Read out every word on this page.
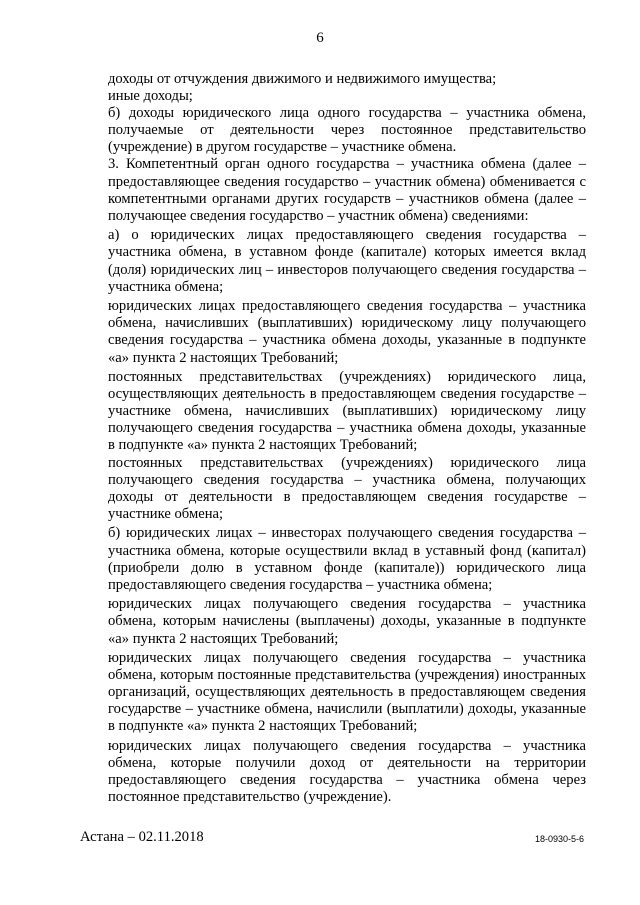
6

доходы от отчуждения движимого и недвижимого имущества;

иные доходы;

б) доходы юридического лица одного государства – участника обмена, получаемые от деятельности через постоянное представительство (учреждение) в другом государстве – участнике обмена.

3. Компетентный орган одного государства – участника обмена (далее – предоставляющее сведения государство – участник обмена) обменивается с компетентными органами других государств – участников обмена (далее – получающее сведения государство – участник обмена) сведениями:

а) о юридических лицах предоставляющего сведения государства – участника обмена, в уставном фонде (капитале) которых имеется вклад (доля) юридических лиц – инвесторов получающего сведения государства – участника обмена;

юридических лицах предоставляющего сведения государства – участника обмена, начисливших (выплативших) юридическому лицу получающего сведения государства – участника обмена доходы, указанные в подпункте «а» пункта 2 настоящих Требований;

постоянных представительствах (учреждениях) юридического лица, осуществляющих деятельность в предоставляющем сведения государстве – участнике обмена, начисливших (выплативших) юридическому лицу получающего сведения государства – участника обмена доходы, указанные в подпункте «а» пункта 2 настоящих Требований;

постоянных представительствах (учреждениях) юридического лица получающего сведения государства – участника обмена, получающих доходы от деятельности в предоставляющем сведения государстве – участнике обмена;

б) юридических лицах – инвесторах получающего сведения государства – участника обмена, которые осуществили вклад в уставный фонд (капитал) (приобрели долю в уставном фонде (капитале)) юридического лица предоставляющего сведения государства – участника обмена;

юридических лицах получающего сведения государства – участника обмена, которым начислены (выплачены) доходы, указанные в подпункте «а» пункта 2 настоящих Требований;

юридических лицах получающего сведения государства – участника обмена, которым постоянные представительства (учреждения) иностранных организаций, осуществляющих деятельность в предоставляющем сведения государстве – участнике обмена, начислили (выплатили) доходы, указанные в подпункте «а» пункта 2 настоящих Требований;

юридических лицах получающего сведения государства – участника обмена, которые получили доход от деятельности на территории предоставляющего сведения государства – участника обмена через постоянное представительство (учреждение).

Астана – 02.11.2018	18-0930-5-6
